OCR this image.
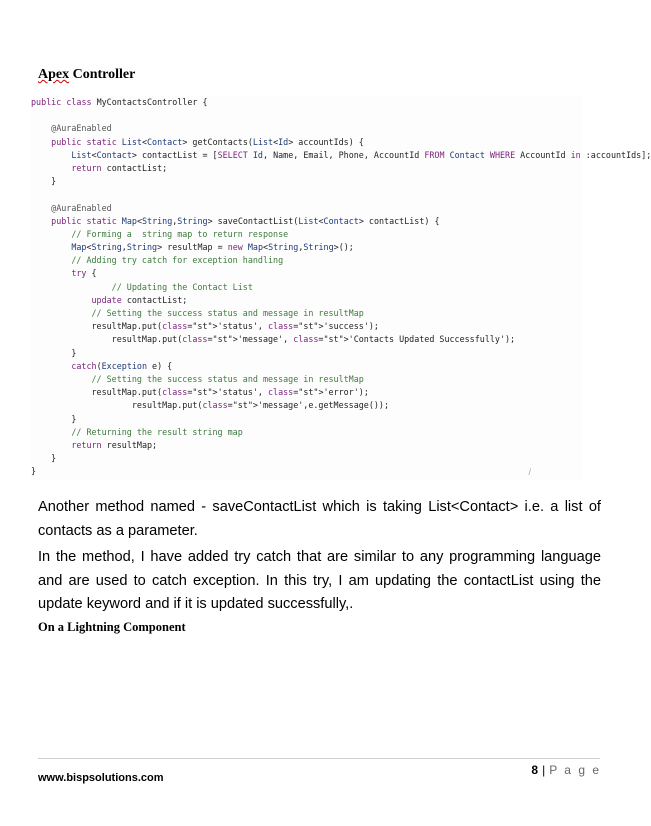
Apex Controller
public class MyContactsController {

@AuraEnabled
public static List<Contact> getContacts(List<Id> accountIds) {
List<Contact> contactList = [SELECT Id, Name, Email, Phone, AccountId FROM Contact WHERE AccountId in :accountIds];
return contactList;
}

@AuraEnabled
public static Map<String,String> saveContactList(List<Contact> contactList) {
// Forming a  string map to return response
Map<String,String> resultMap = new Map<String,String>();
// Adding try catch for exception handling
try {
// Updating the Contact List
update contactList;
// Setting the success status and message in resultMap
resultMap.put(class="st">'status', class="st">'success');
resultMap.put(class="st">'message', class="st">'Contacts Updated Successfully');
}
catch(Exception e) {
// Setting the success status and message in resultMap
resultMap.put(class="st">'status', class="st">'error');
resultMap.put(class="st">'message',e.getMessage());
}
// Returning the result string map
return resultMap;
}
}	/
Another method named - saveContactList which is taking List<Contact> i.e. a list of contacts as a parameter.
In the method, I have added try catch that are similar to any programming language and are used to catch exception. In this try, I am updating the contactList using the update keyword and if it is updated successfully,.
On a Lightning Component
8 | P a g e
www.bispsolutions.com
